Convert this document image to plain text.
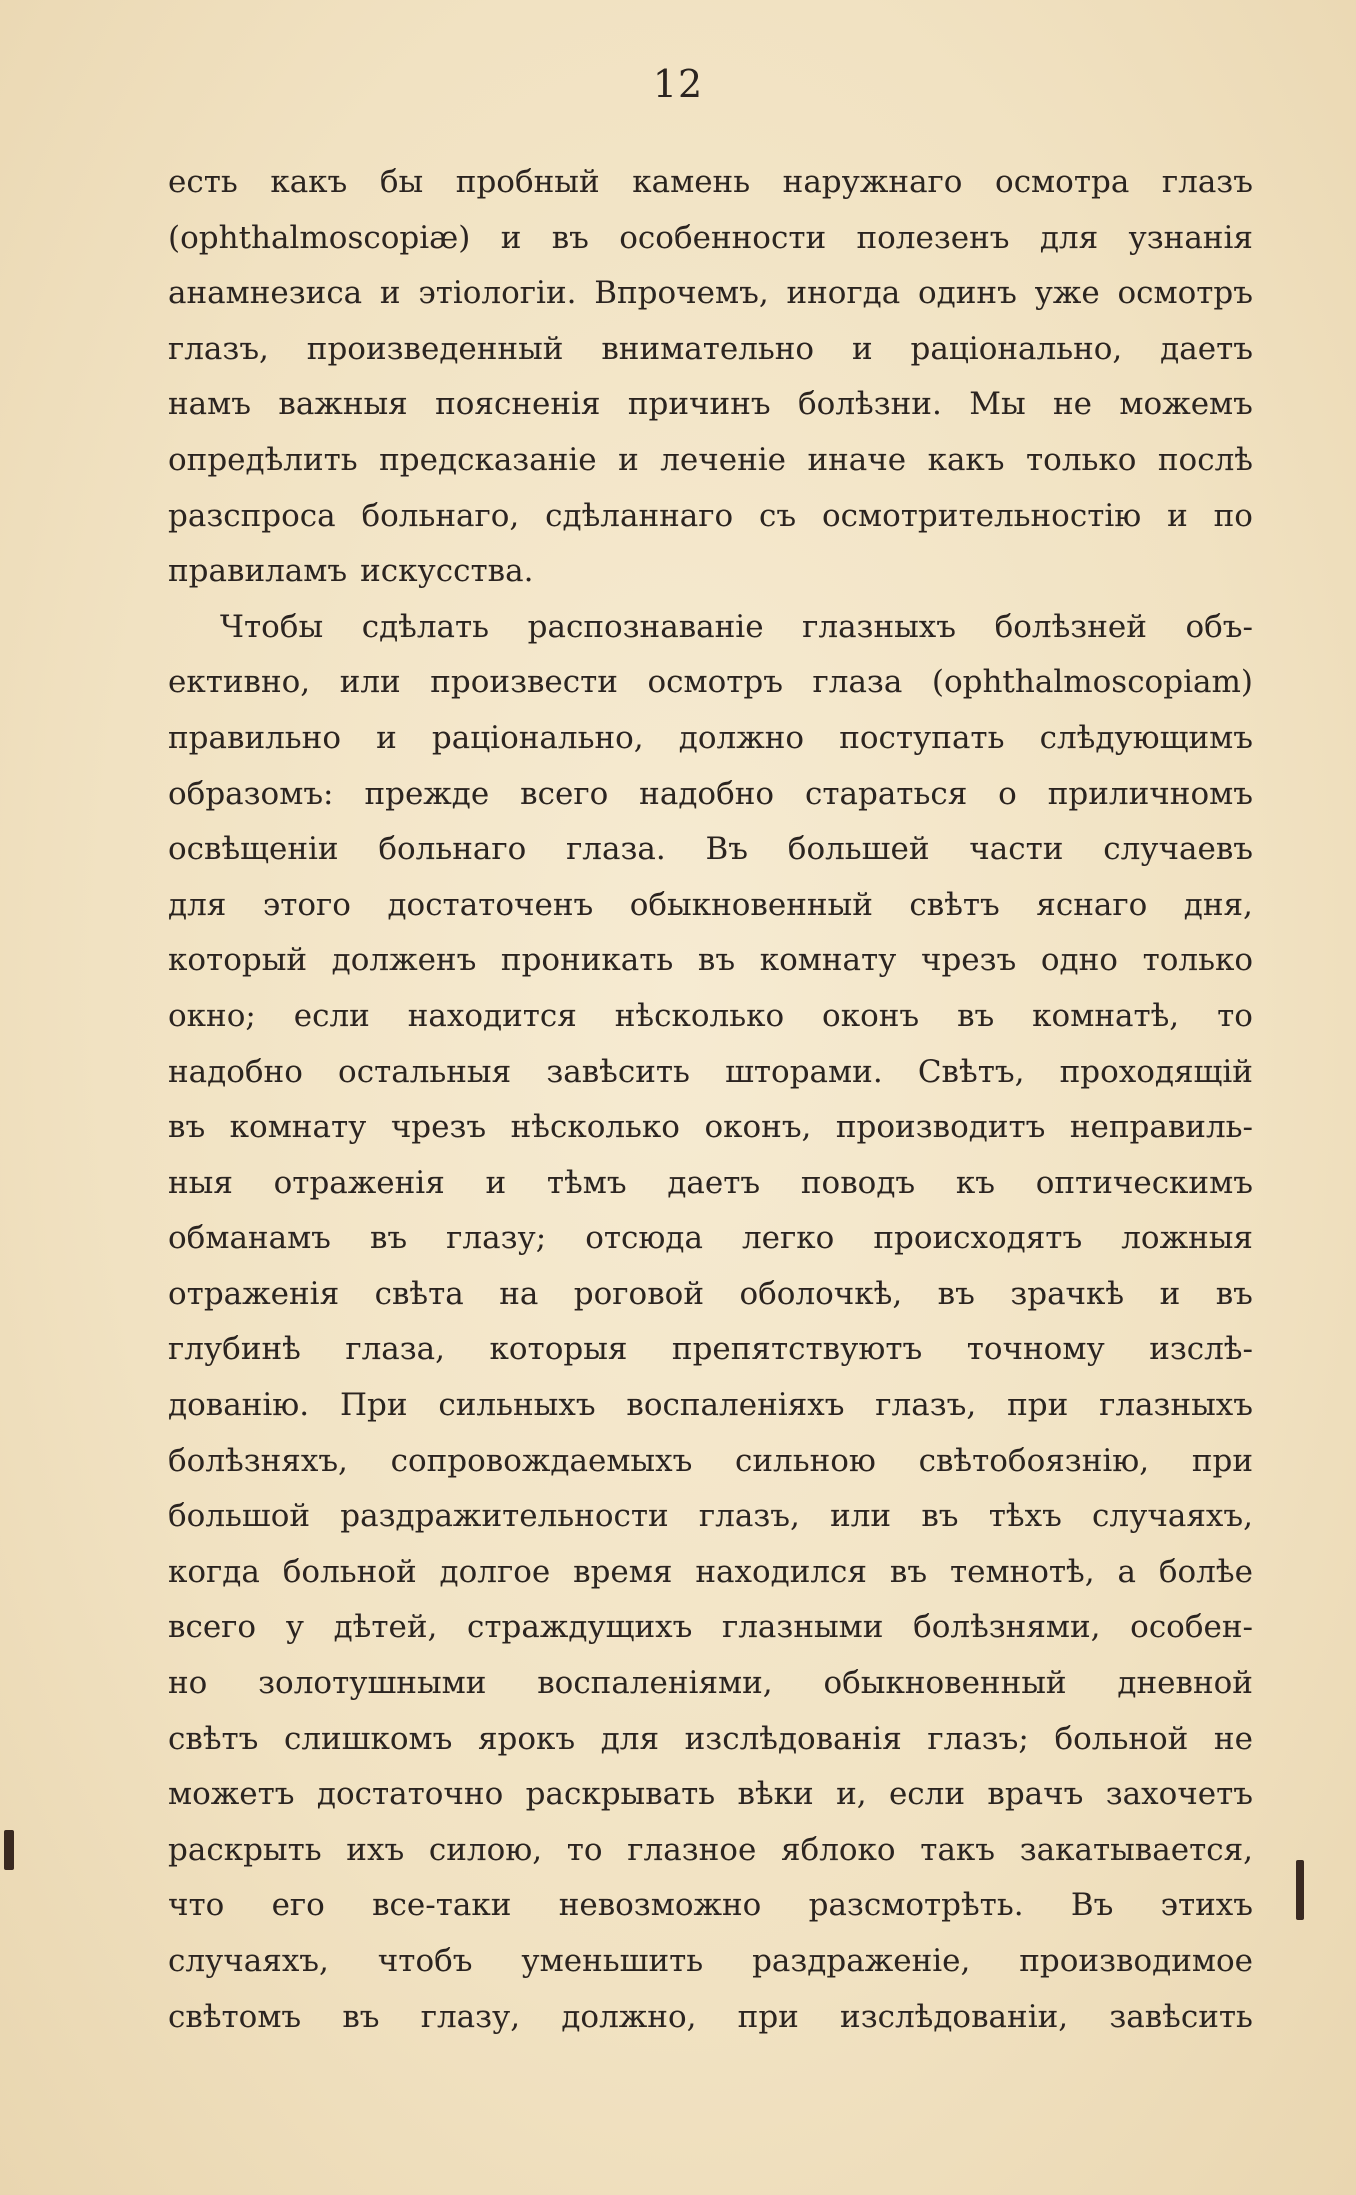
12
есть какъ бы пробный камень наружнаго осмотра глазъ
(ophthalmoscopiæ) и въ особенности полезенъ для узнанія
анамнезиса и этіологіи. Впрочемъ, иногда одинъ уже осмотръ
глазъ, произведенный внимательно и раціонально, даетъ
намъ важныя поясненія причинъ болѣзни. Мы не можемъ
опредѣлить предсказаніе и леченіе иначе какъ только послѣ
разспроса больнаго, сдѣланнаго съ осмотрительностію и по
правиламъ искусства.
Чтобы сдѣлать распознаваніе глазныхъ болѣзней объ-
ективно, или произвести осмотръ глаза (ophthalmoscopiam)
правильно и раціонально, должно поступать слѣдующимъ
образомъ: прежде всего надобно стараться о приличномъ
освѣщеніи больнаго глаза. Въ большей части случаевъ
для этого достаточенъ обыкновенный свѣтъ яснаго дня,
который долженъ проникать въ комнату чрезъ одно только
окно; если находится нѣсколько оконъ въ комнатѣ, то
надобно остальныя завѣсить шторами. Свѣтъ, проходящій
въ комнату чрезъ нѣсколько оконъ, производитъ неправиль-
ныя отраженія и тѣмъ даетъ поводъ къ оптическимъ
обманамъ въ глазу; отсюда легко происходятъ ложныя
отраженія свѣта на роговой оболочкѣ, въ зрачкѣ и въ
глубинѣ глаза, которыя препятствуютъ точному изслѣ-
дованію. При сильныхъ воспаленіяхъ глазъ, при глазныхъ
болѣзняхъ, сопровождаемыхъ сильною свѣтобоязнію, при
большой раздражительности глазъ, или въ тѣхъ случаяхъ,
когда больной долгое время находился въ темнотѣ, а болѣе
всего у дѣтей, страждущихъ глазными болѣзнями, особен-
но золотушными воспаленіями, обыкновенный дневной
свѣтъ слишкомъ ярокъ для изслѣдованія глазъ; больной не
можетъ достаточно раскрывать вѣки и, если врачъ захочетъ
раскрыть ихъ силою, то глазное яблоко такъ закатывается,
что его все-таки невозможно разсмотрѣть. Въ этихъ
случаяхъ, чтобъ уменьшить раздраженіе, производимое
свѣтомъ въ глазу, должно, при изслѣдованіи, завѣсить
